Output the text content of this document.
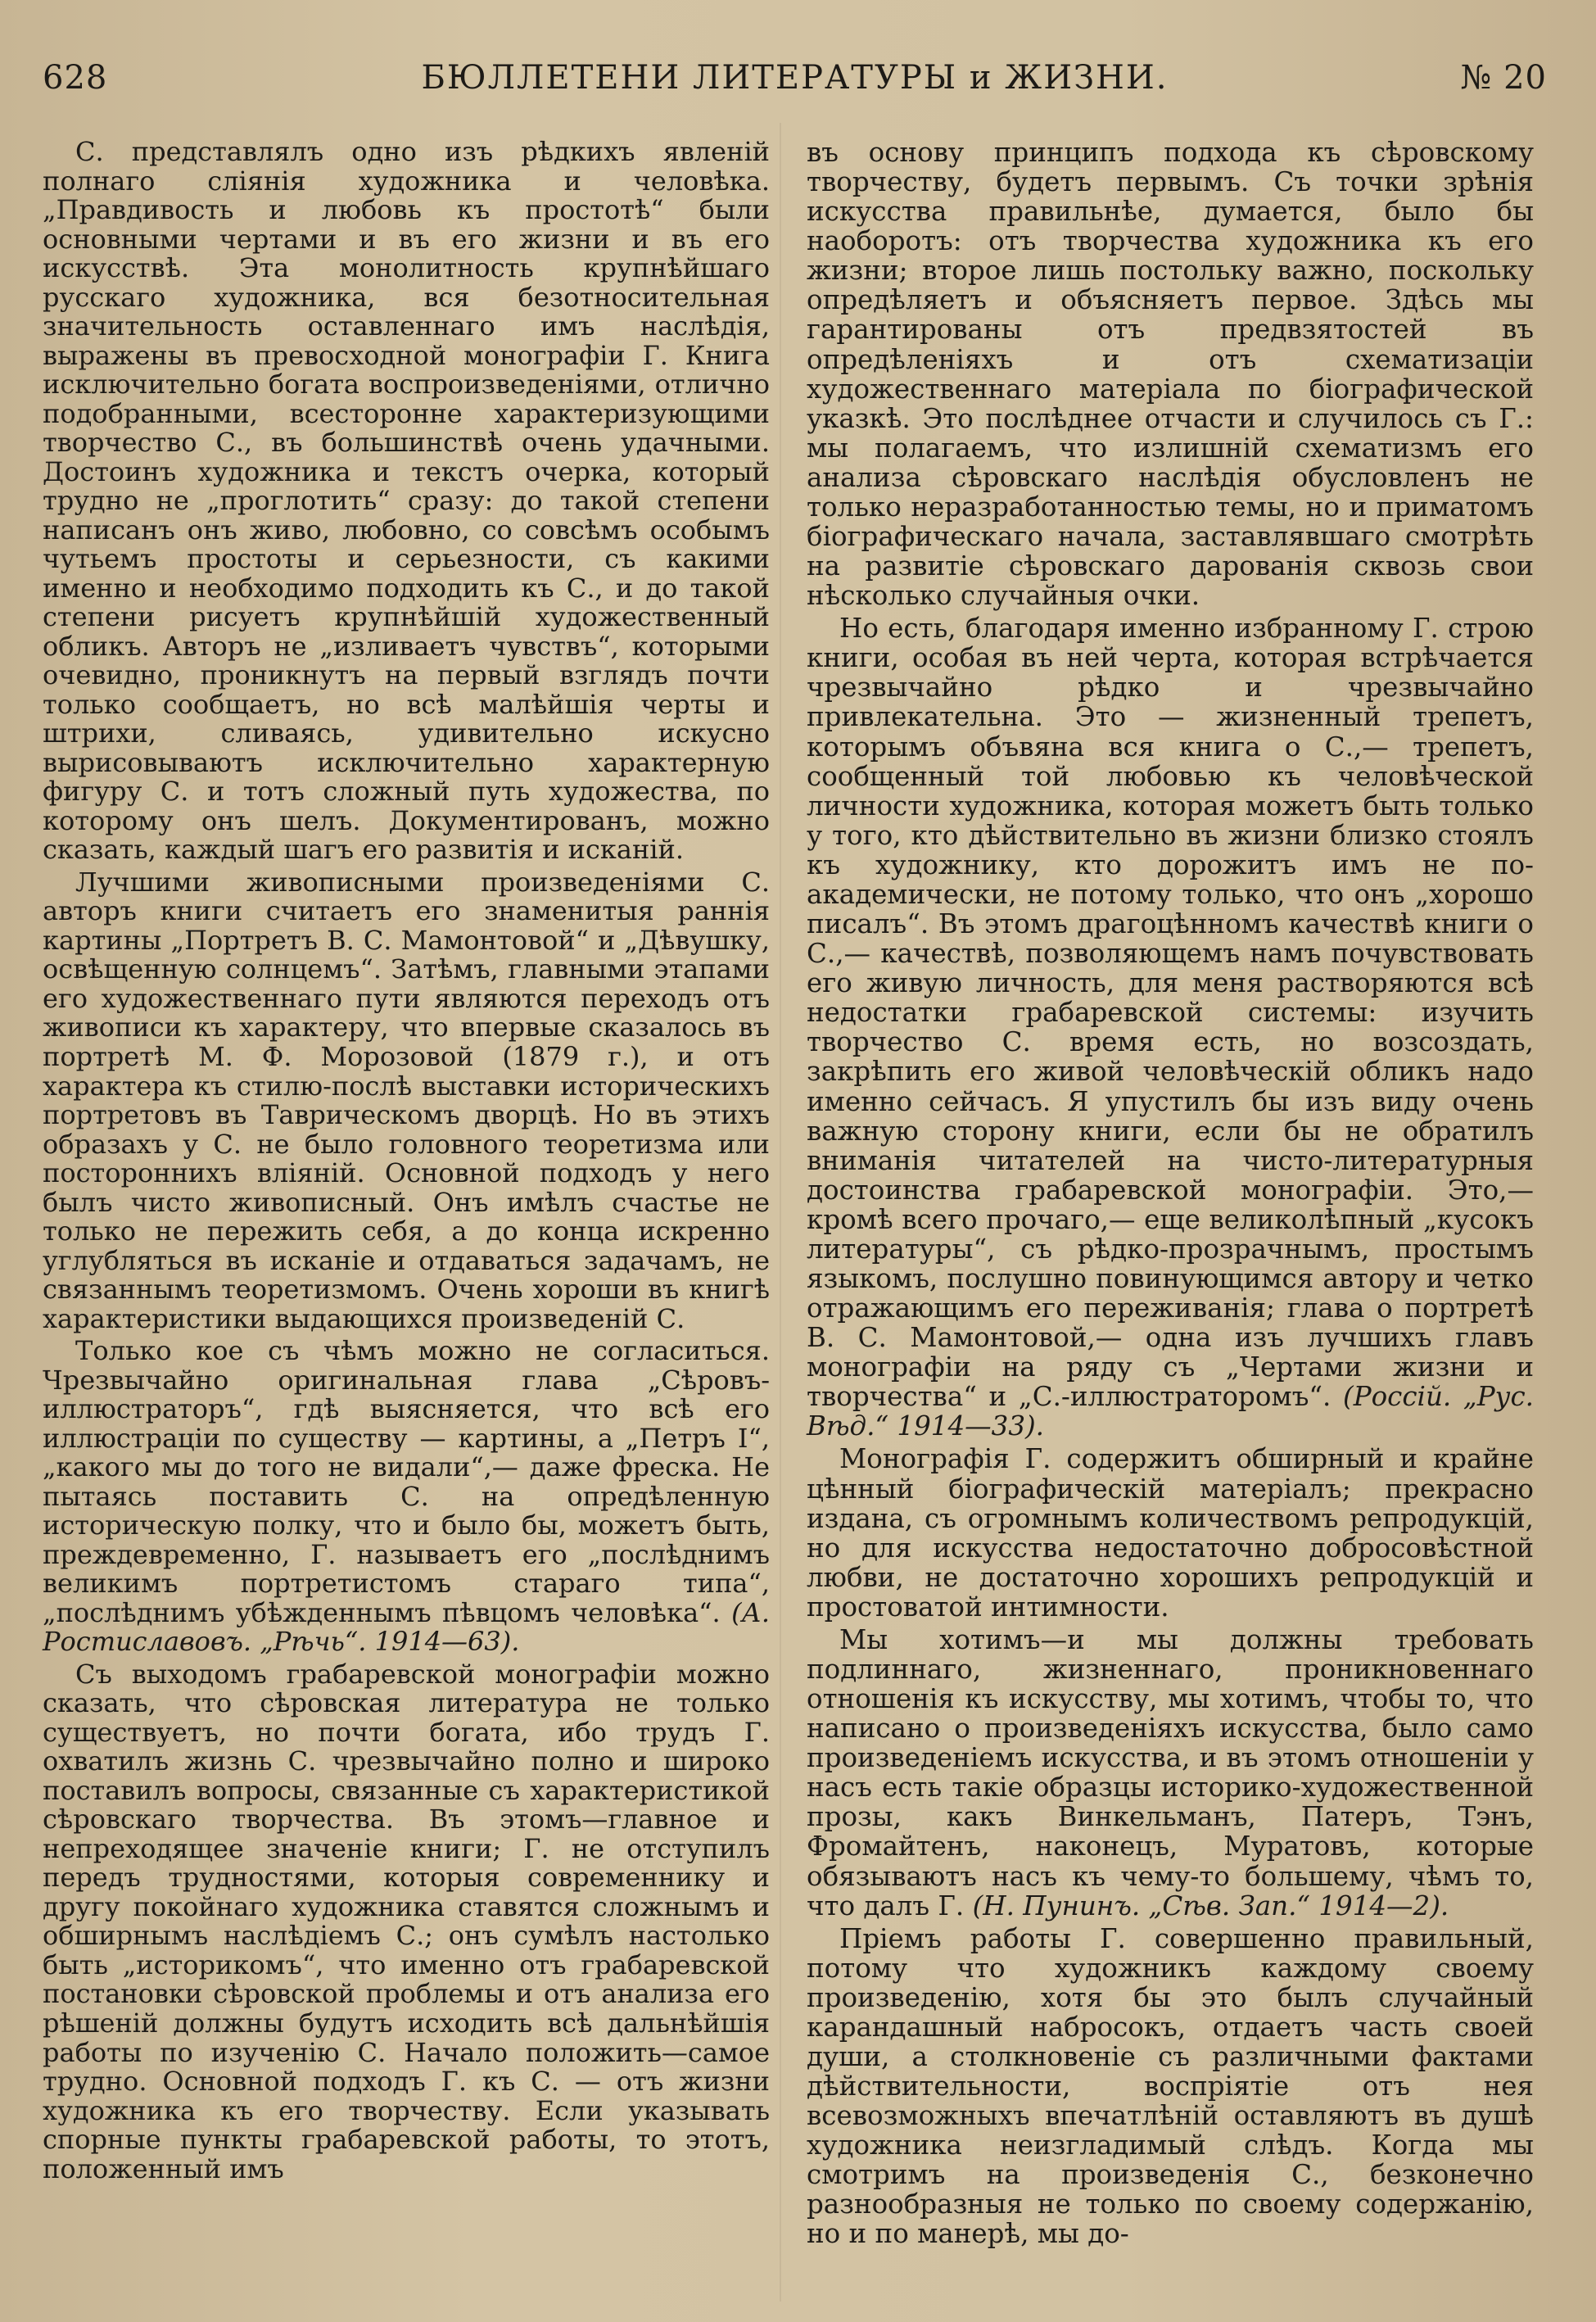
628	БЮЛЛЕТЕНИ ЛИТЕРАТУРЫ и ЖИЗНИ.	№ 20

С. представлялъ одно изъ рѣдкихъ явленій полнаго сліянія художника и человѣка. „Правдивость и любовь къ простотѣ“ были основными чертами и въ его жизни и въ его искусствѣ. Эта монолитность крупнѣйшаго русскаго художника, вся безотносительная значительность оставленнаго имъ наслѣдія, выражены въ превосходной монографіи Г. Книга исключительно богата воспроизведеніями, отлично подобранными, всесторонне характеризующими творчество С., въ большинствѣ очень удачными. Достоинъ художника и текстъ очерка, который трудно не „проглотить“ сразу: до такой степени написанъ онъ живо, любовно, со совсѣмъ особымъ чутьемъ простоты и серьезности, съ какими именно и необходимо подходить къ С., и до такой степени рисуетъ крупнѣйшій художественный обликъ. Авторъ не „изливаетъ чувствъ“, которыми очевидно, проникнутъ на первый взглядъ почти только сообщаетъ, но всѣ малѣйшія черты и штрихи, сливаясь, удивительно искусно вырисовываютъ исключительно характерную фигуру С. и тотъ сложный путь художества, по которому онъ шелъ. Документированъ, можно сказать, каждый шагъ его развитія и исканій.

Лучшими живописными произведеніями С. авторъ книги считаетъ его знаменитыя раннія картины „Портретъ В. С. Мамонтовой“ и „Дѣвушку, освѣщенную солнцемъ“. Затѣмъ, главными этапами его художественнаго пути являются переходъ отъ живописи къ характеру, что впервые сказалось въ портретѣ М. Ф. Морозовой (1879 г.), и отъ характера къ стилю-послѣ выставки историческихъ портретовъ въ Таврическомъ дворцѣ. Но въ этихъ образахъ у С. не было головного теоретизма или постороннихъ вліяній. Основной подходъ у него былъ чисто живописный. Онъ имѣлъ счастье не только не пережить себя, а до конца искренно углубляться въ исканіе и отдаваться задачамъ, не связаннымъ теоретизмомъ. Очень хороши въ книгѣ характеристики выдающихся произведеній С.

Только кое съ чѣмъ можно не согласиться. Чрезвычайно оригинальная глава „Сѣровъ-иллюстраторъ“, гдѣ выясняется, что всѣ его иллюстраціи по существу — картины, а „Петръ I“, „какого мы до того не видали“,— даже фреска. Не пытаясь поставить С. на опредѣленную историческую полку, что и было бы, можетъ быть, преждевременно, Г. называетъ его „послѣднимъ великимъ портретистомъ стараго типа“, „послѣднимъ убѣжденнымъ пѣвцомъ человѣка“. (А. Ростиславовъ. „Рѣчь“. 1914—63).

Съ выходомъ грабаревской монографіи можно сказать, что сѣровская литература не только существуетъ, но почти богата, ибо трудъ Г. охватилъ жизнь С. чрезвычайно полно и широко поставилъ вопросы, связанные съ характеристикой сѣровскаго творчества. Въ этомъ—главное и непреходящее значеніе книги; Г. не отступилъ передъ трудностями, которыя современнику и другу покойнаго художника ставятся сложнымъ и обширнымъ наслѣдіемъ С.; онъ сумѣлъ настолько быть „историкомъ“, что именно отъ грабаревской постановки сѣровской проблемы и отъ анализа его рѣшеній должны будутъ исходить всѣ дальнѣйшія работы по изученію С. Начало положить—самое трудно. Основной подходъ Г. къ С. — отъ жизни художника къ его творчеству. Если указывать спорные пункты грабаревской работы, то этотъ, положенный имъ

въ основу принципъ подхода къ сѣровскому творчеству, будетъ первымъ. Съ точки зрѣнія искусства правильнѣе, думается, было бы наоборотъ: отъ творчества художника къ его жизни; второе лишь постольку важно, поскольку опредѣляетъ и объясняетъ первое. Здѣсь мы гарантированы отъ предвзятостей въ опредѣленіяхъ и отъ схематизаціи художественнаго матеріала по біографической указкѣ. Это послѣднее отчасти и случилось съ Г.: мы полагаемъ, что излишній схематизмъ его анализа сѣровскаго наслѣдія обусловленъ не только неразработанностью темы, но и приматомъ біографическаго начала, заставлявшаго смотрѣть на развитіе сѣровскаго дарованія сквозь свои нѣсколько случайныя очки.

Но есть, благодаря именно избранному Г. строю книги, особая въ ней черта, которая встрѣчается чрезвычайно рѣдко и чрезвычайно привлекательна. Это — жизненный трепетъ, которымъ объвяна вся книга о С.,— трепетъ, сообщенный той любовью къ человѣческой личности художника, которая можетъ быть только у того, кто дѣйствительно въ жизни близко стоялъ къ художнику, кто дорожитъ имъ не по-академически, не потому только, что онъ „хорошо писалъ“. Въ этомъ драгоцѣнномъ качествѣ книги о С.,— качествѣ, позволяющемъ намъ почувствовать его живую личность, для меня растворяются всѣ недостатки грабаревской системы: изучить творчество С. время есть, но возсоздать, закрѣпить его живой человѣческій обликъ надо именно сейчасъ. Я упустилъ бы изъ виду очень важную сторону книги, если бы не обратилъ вниманія читателей на чисто-литературныя достоинства грабаревской монографіи. Это,— кромѣ всего прочаго,— еще великолѣпный „кусокъ литературы“, съ рѣдко-прозрачнымъ, простымъ языкомъ, послушно повинующимся автору и четко отражающимъ его переживанія; глава о портретѣ В. С. Мамонтовой,— одна изъ лучшихъ главъ монографіи на ряду съ „Чертами жизни и творчества“ и „С.-иллюстраторомъ“. (Россій. „Рус. Вѣд.“ 1914—33).

Монографія Г. содержитъ обширный и крайне цѣнный біографическій матеріалъ; прекрасно издана, съ огромнымъ количествомъ репродукцій, но для искусства недостаточно добросовѣстной любви, не достаточно хорошихъ репродукцій и простоватой интимности.

Мы хотимъ—и мы должны требовать подлиннаго, жизненнаго, проникновеннаго отношенія къ искусству, мы хотимъ, чтобы то, что написано о произведеніяхъ искусства, было само произведеніемъ искусства, и въ этомъ отношеніи у насъ есть такіе образцы историко-художественной прозы, какъ Винкельманъ, Патеръ, Тэнъ, Фромайтенъ, наконецъ, Муратовъ, которые обязываютъ насъ къ чему-то большему, чѣмъ то, что далъ Г. (Н. Пунинъ. „Сѣв. Зап.“ 1914—2).

Пріемъ работы Г. совершенно правильный, потому что художникъ каждому своему произведенію, хотя бы это былъ случайный карандашный набросокъ, отдаетъ часть своей души, а столкновеніе съ различными фактами дѣйствительности, воспріятіе отъ нея всевозможныхъ впечатлѣній оставляютъ въ душѣ художника неизгладимый слѣдъ. Когда мы смотримъ на произведенія С., безконечно разнообразныя не только по своему содержанію, но и по манерѣ, мы до-
